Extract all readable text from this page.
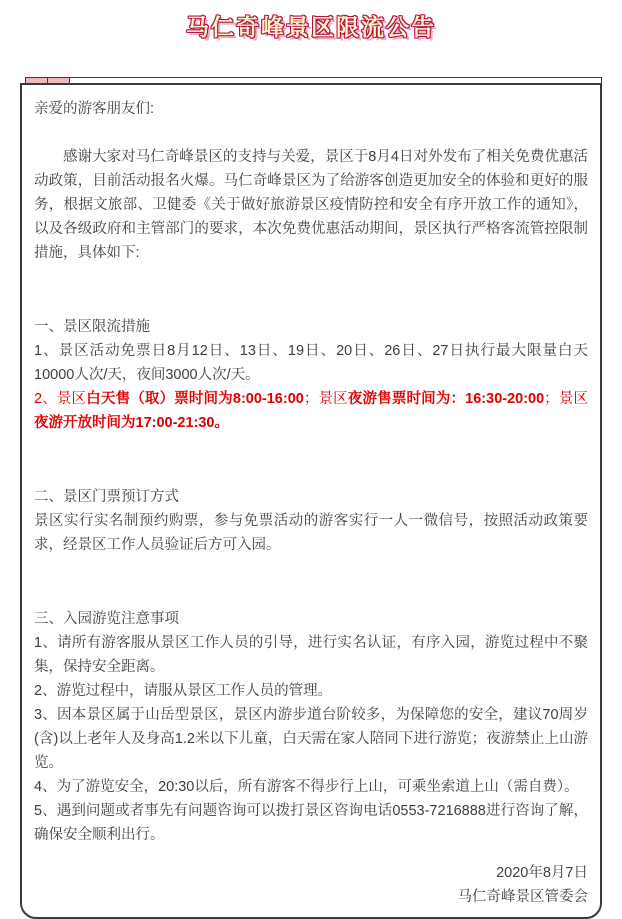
马仁奇峰景区限流公告

亲爱的游客朋友们:

感谢大家对马仁奇峰景区的支持与关爱，景区于8月4日对外发布了相关免费优惠活动政策，目前活动报名火爆。马仁奇峰景区为了给游客创造更加安全的体验和更好的服务，根据文旅部、卫健委《关于做好旅游景区疫情防控和安全有序开放工作的通知》，以及各级政府和主管部门的要求，本次免费优惠活动期间，景区执行严格客流管控限制措施，具体如下:

一、景区限流措施

1、景区活动免票日8月12日、13日、19日、20日、26日、27日执行最大限量白天10000人次/天，夜间3000人次/天。

2、景区白天售（取）票时间为8:00-16:00；景区夜游售票时间为：16:30-20:00；景区夜游开放时间为17:00-21:30。

二、景区门票预订方式

景区实行实名制预约购票，参与免票活动的游客实行一人一微信号，按照活动政策要求，经景区工作人员验证后方可入园。

三、入园游览注意事项

1、请所有游客服从景区工作人员的引导，进行实名认证，有序入园，游览过程中不聚集，保持安全距离。

2、游览过程中，请服从景区工作人员的管理。

3、因本景区属于山岳型景区，景区内游步道台阶较多，为保障您的安全，建议70周岁(含)以上老年人及身高1.2米以下儿童，白天需在家人陪同下进行游览；夜游禁止上山游览。

4、为了游览安全，20:30以后，所有游客不得步行上山，可乘坐索道上山（需自费）。

5、遇到问题或者事先有问题咨询可以拨打景区咨询电话0553-7216888进行咨询了解，确保安全顺利出行。

2020年8月7日

马仁奇峰景区管委会
